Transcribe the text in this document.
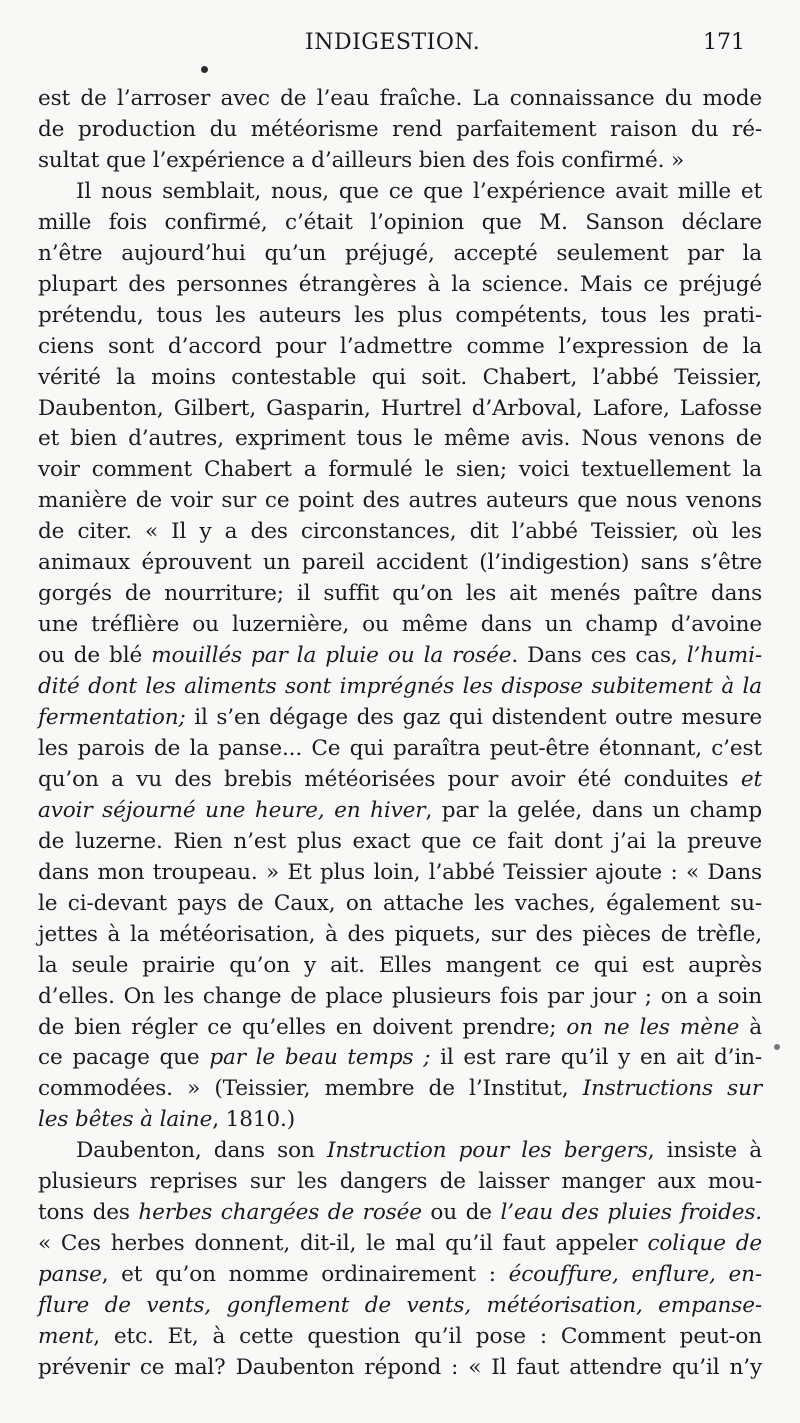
INDIGESTION.	171
est de l’arroser avec de l’eau fraîche. La connaissance du mode
de production du météorisme rend parfaitement raison du ré-
sultat que l’expérience a d’ailleurs bien des fois confirmé. »
Il nous semblait, nous, que ce que l’expérience avait mille et
mille fois confirmé, c’était l’opinion que M. Sanson déclare
n’être aujourd’hui qu’un préjugé, accepté seulement par la
plupart des personnes étrangères à la science. Mais ce préjugé
prétendu, tous les auteurs les plus compétents, tous les prati-
ciens sont d’accord pour l’admettre comme l’expression de la
vérité la moins contestable qui soit. Chabert, l’abbé Teissier,
Daubenton, Gilbert, Gasparin, Hurtrel d’Arboval, Lafore, Lafosse
et bien d’autres, expriment tous le même avis. Nous venons de
voir comment Chabert a formulé le sien; voici textuellement la
manière de voir sur ce point des autres auteurs que nous venons
de citer. « Il y a des circonstances, dit l’abbé Teissier, où les
animaux éprouvent un pareil accident (l’indigestion) sans s’être
gorgés de nourriture; il suffit qu’on les ait menés paître dans
une tréflière ou luzernière, ou même dans un champ d’avoine
ou de blé mouillés par la pluie ou la rosée. Dans ces cas, l’humi-
dité dont les aliments sont imprégnés les dispose subitement à la
fermentation; il s’en dégage des gaz qui distendent outre mesure
les parois de la panse... Ce qui paraîtra peut-être étonnant, c’est
qu’on a vu des brebis météorisées pour avoir été conduites et
avoir séjourné une heure, en hiver, par la gelée, dans un champ
de luzerne. Rien n’est plus exact que ce fait dont j’ai la preuve
dans mon troupeau. » Et plus loin, l’abbé Teissier ajoute : « Dans
le ci-devant pays de Caux, on attache les vaches, également su-
jettes à la météorisation, à des piquets, sur des pièces de trèfle,
la seule prairie qu’on y ait. Elles mangent ce qui est auprès
d’elles. On les change de place plusieurs fois par jour ; on a soin
de bien régler ce qu’elles en doivent prendre; on ne les mène à
ce pacage que par le beau temps ; il est rare qu’il y en ait d’in-
commodées. » (Teissier, membre de l’Institut, Instructions sur
les bêtes à laine, 1810.)
Daubenton, dans son Instruction pour les bergers, insiste à
plusieurs reprises sur les dangers de laisser manger aux mou-
tons des herbes chargées de rosée ou de l’eau des pluies froides.
« Ces herbes donnent, dit-il, le mal qu’il faut appeler colique de
panse, et qu’on nomme ordinairement : écouffure, enflure, en-
flure de vents, gonflement de vents, météorisation, empanse-
ment, etc. Et, à cette question qu’il pose : Comment peut-on
prévenir ce mal? Daubenton répond : « Il faut attendre qu’il n’y
